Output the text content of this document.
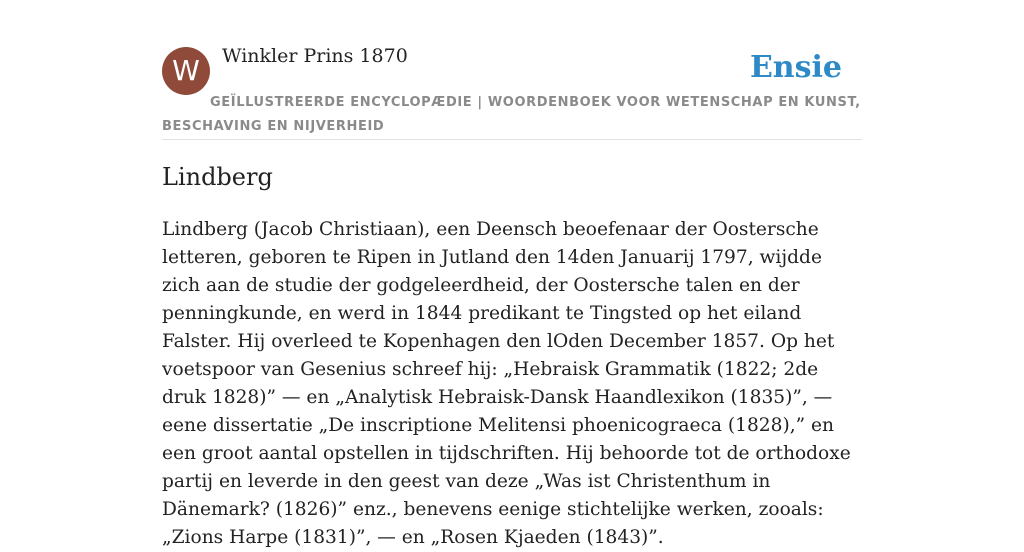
W Winkler Prins 1870	Ensie
GEÏLLUSTREERDE ENCYCLOPÆDIE | WOORDENBOEK VOOR WETENSCHAP EN KUNST, BESCHAVING EN NIJVERHEID
Lindberg

Lindberg (Jacob Christiaan), een Deensch beoefenaar der Oostersche letteren, geboren te Ripen in Jutland den 14den Januarij 1797, wijdde zich aan de studie der godgeleerdheid, der Oostersche talen en der penningkunde, en werd in 1844 predikant te Tingsted op het eiland Falster. Hij overleed te Kopenhagen den lOden December 1857. Op het voetspoor van Gesenius schreef hij: „Hebraisk Grammatik (1822; 2de druk 1828)” — en „Analytisk Hebraisk-Dansk Haandlexikon (1835)”, — eene dissertatie „De inscriptione Melitensi phoenicograeca (1828),” en een groot aantal opstellen in tijdschriften. Hij behoorde tot de orthodoxe partij en leverde in den geest van deze „Was ist Christenthum in Dänemark? (1826)” enz., benevens eenige stichtelijke werken, zooals: „Zions Harpe (1831)”, — en „Rosen Kjaeden (1843)”.
